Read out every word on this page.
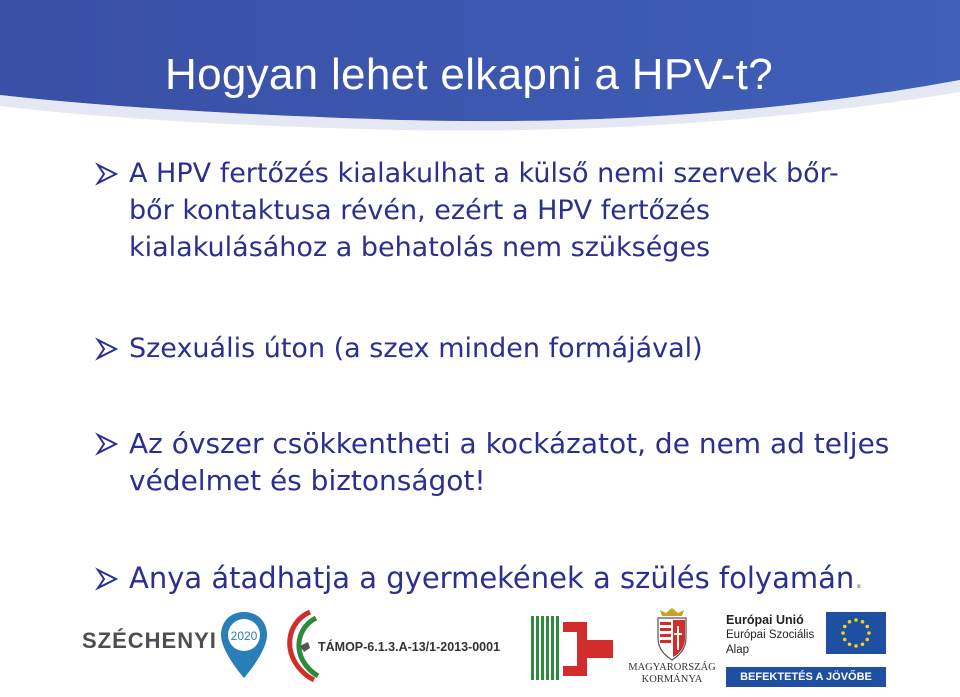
Hogyan lehet elkapni a HPV-t?
A HPV fertőzés kialakulhat a külső nemi szervek bőr-
bőr kontaktusa révén, ezért a HPV fertőzés
kialakulásához a behatolás nem szükséges
Szexuális úton (a szex minden formájával)
Az óvszer csökkentheti a kockázatot, de nem ad teljes
védelmet és biztonságot!
Anya átadhatja a gyermekének a szülés folyamán.
SZÉCHENYI 2020
TÁMOP-6.1.3.A-13/1-2013-0001
MAGYARORSZÁG
KORMÁNYA
Európai Unió
Európai Szociális
Alap
BEFEKTETÉS A JÖVŐBE
